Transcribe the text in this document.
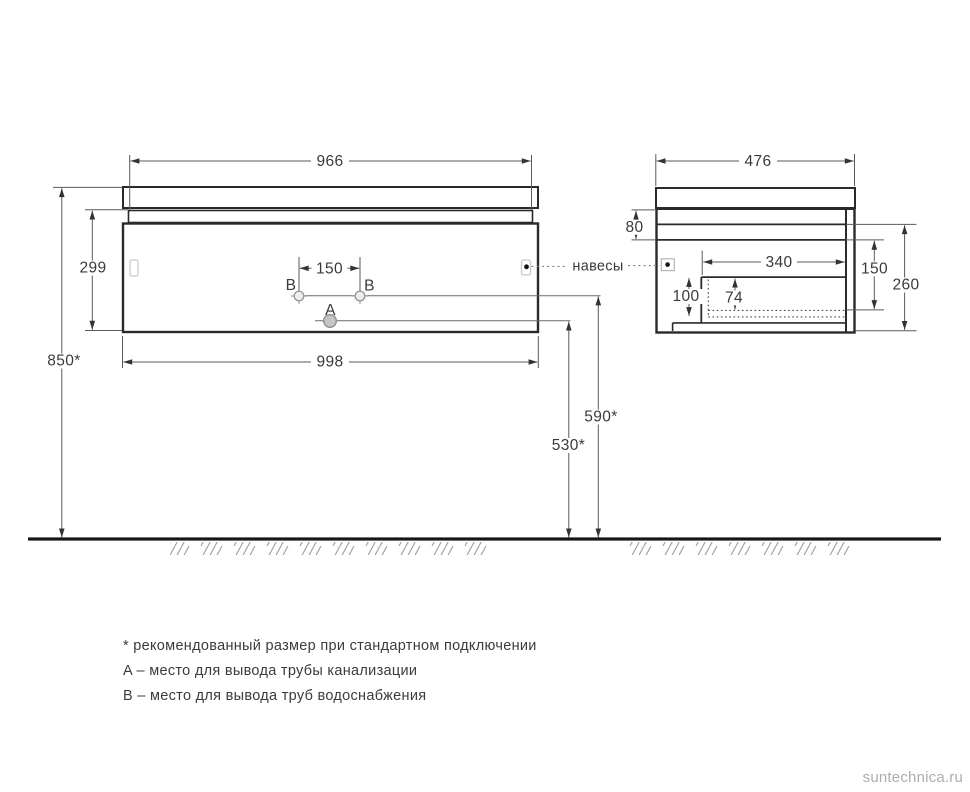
B	B
A
966
998
299
850*
150
590*
530*
476
80
340	150
260
100 74
навесы
* рекомендованный размер при стандартном подключении
A – место для вывода трубы канализации
B – место для вывода труб водоснабжения
suntechnica.ru
